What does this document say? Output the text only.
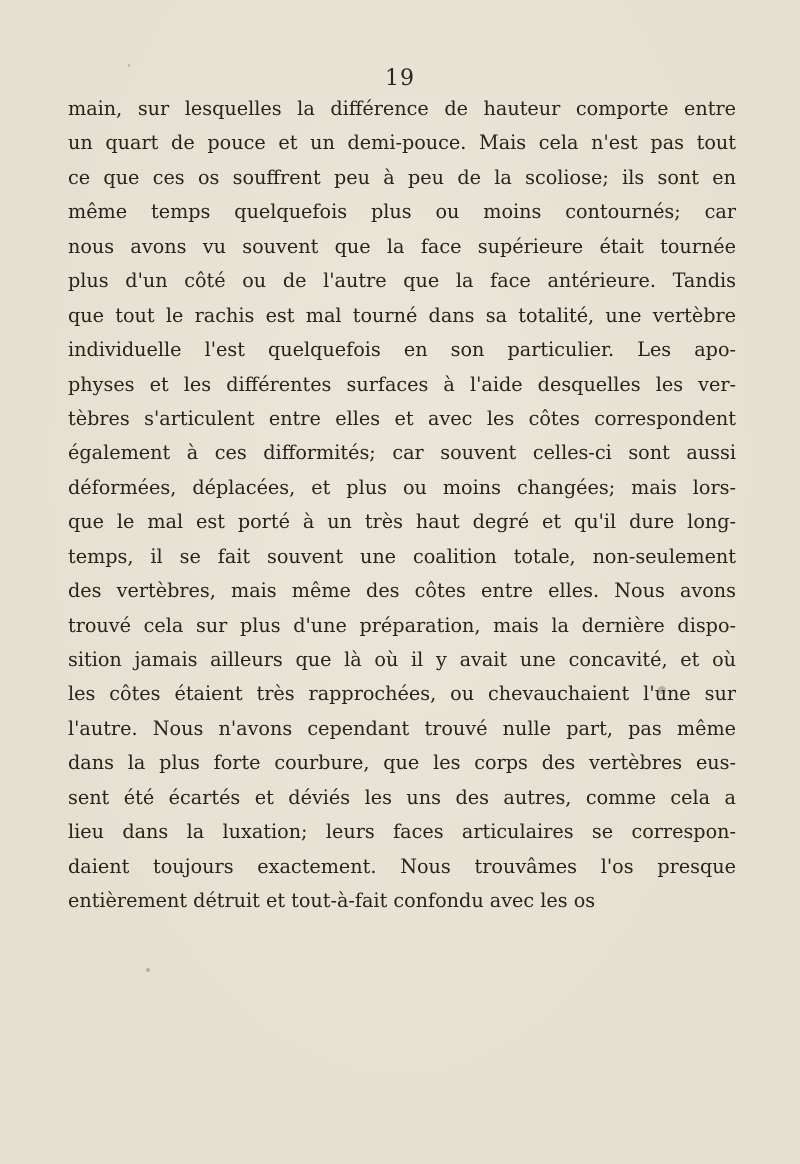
19
main, sur lesquelles la différence de hauteur comporte entre
un quart de pouce et un demi-pouce. Mais cela n'est pas tout
ce que ces os souffrent peu à peu de la scoliose; ils sont en
même temps quelquefois plus ou moins contournés; car
nous avons vu souvent que la face supérieure était tournée
plus d'un côté ou de l'autre que la face antérieure. Tandis
que tout le rachis est mal tourné dans sa totalité, une vertèbre
individuelle l'est quelquefois en son particulier. Les apo-
physes et les différentes surfaces à l'aide desquelles les ver-
tèbres s'articulent entre elles et avec les côtes correspondent
également à ces difformités; car souvent celles-ci sont aussi
déformées, déplacées, et plus ou moins changées; mais lors-
que le mal est porté à un très haut degré et qu'il dure long-
temps, il se fait souvent une coalition totale, non-seulement
des vertèbres, mais même des côtes entre elles. Nous avons
trouvé cela sur plus d'une préparation, mais la dernière dispo-
sition jamais ailleurs que là où il y avait une concavité, et où
les côtes étaient très rapprochées, ou chevauchaient l'une sur
l'autre. Nous n'avons cependant trouvé nulle part, pas même
dans la plus forte courbure, que les corps des vertèbres eus-
sent été écartés et déviés les uns des autres, comme cela a
lieu dans la luxation; leurs faces articulaires se correspon-
daient toujours exactement. Nous trouvâmes l'os presque
entièrement détruit et tout-à-fait confondu avec les os
